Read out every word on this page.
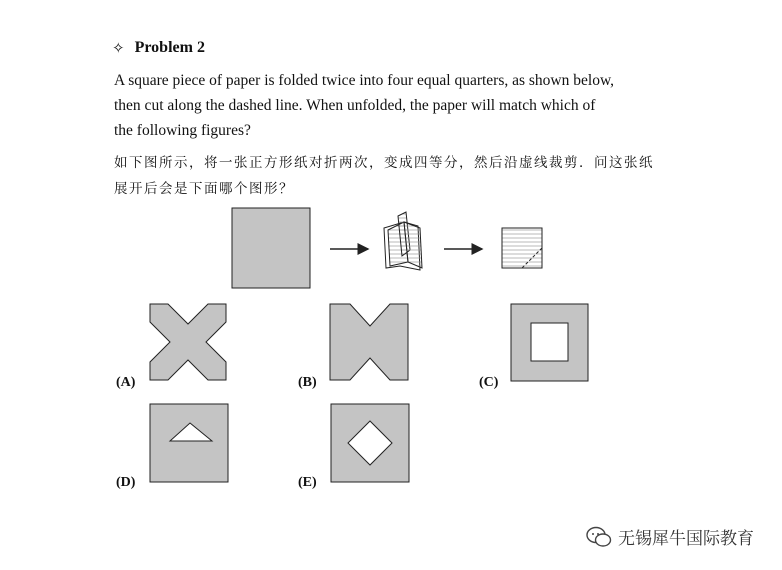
✧ Problem 2
A square piece of paper is folded twice into four equal quarters, as shown below,
then cut along the dashed line. When unfolded, the paper will match which of
the following figures?
如下图所示，将一张正方形纸对折两次，变成四等分，然后沿虚线裁剪．问这张纸
展开后会是下面哪个图形？
(A)	(B)	(C)
(D)	(E)
无锡犀牛国际教育
